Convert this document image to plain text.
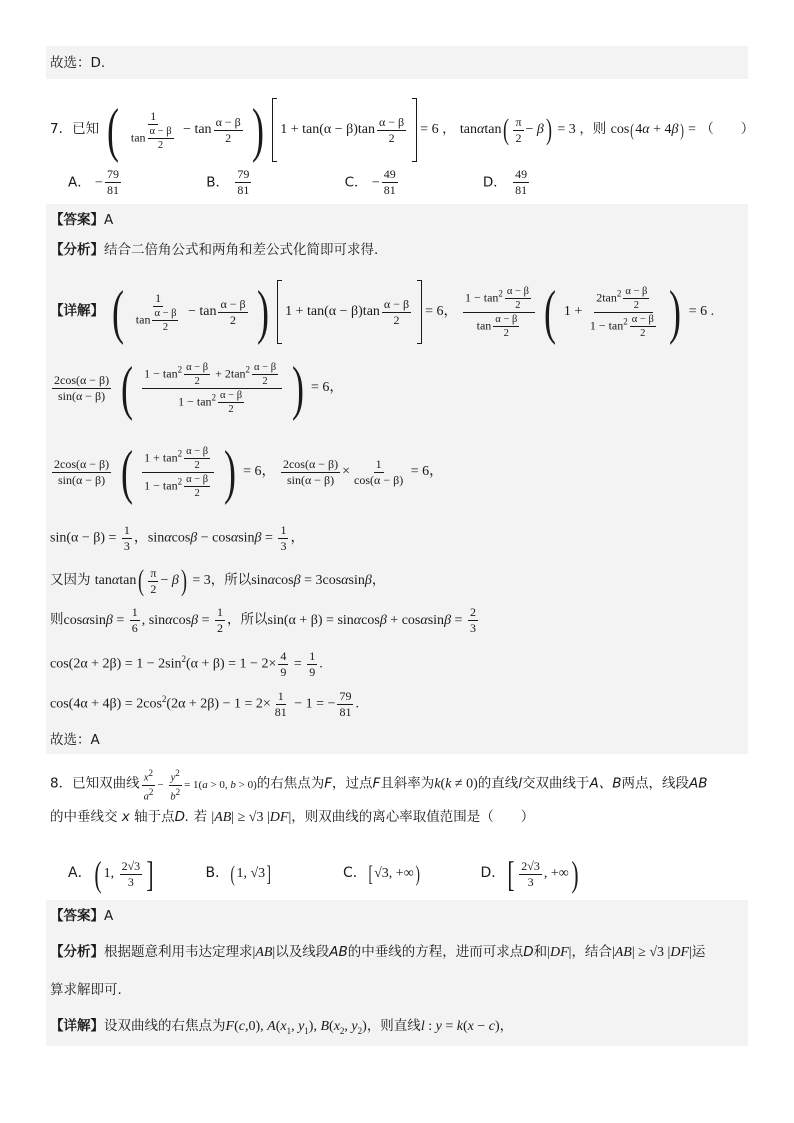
故选：D.
7．已知 ( $\frac{1}{\tan \frac{\alpha - \beta}{2}} - \tan \frac{\alpha - \beta}{2}$ )  $1 + \tan(\alpha - \beta)\tan \frac{\alpha - \beta}{2} = 6$ ， $\tan\alpha\tan( \frac{\pi}{2} - \beta) = 3$ ，则 cos(4α + 4β) = （　　）
A． − $\frac{79}{81}$	B． $\frac{79}{81}$	C． − $\frac{49}{81}$	D． $\frac{49}{81}$
【答案】A
【分析】结合二倍角公式和两角和差公式化简即可求得.
【详解】 ( $\frac{1}{\tan \frac{\alpha - \beta}{2}} - \tan \frac{\alpha - \beta}{2}$ )  $1 + \tan(\alpha - \beta)\tan \frac{\alpha - \beta}{2} = 6$， $\frac{1 - \tan^2 \frac{\alpha - \beta}{2}}{\tan \frac{\alpha - \beta}{2}}$ ( $1 + \frac{2\tan^2 \frac{\alpha - \beta}{2}}{1 - \tan^2 \frac{\alpha - \beta}{2}}$ ) = 6 .
$\frac{2\cos(\alpha - \beta)}{\sin(\alpha - \beta)}$ ( $\frac{1 - \tan^2 \frac{\alpha - \beta}{2} + 2\tan^2 \frac{\alpha - \beta}{2}}{1 - \tan^2 \frac{\alpha - \beta}{2}}$ ) = 6，
$\frac{2\cos(\alpha - \beta)}{\sin(\alpha - \beta)}$ ( $\frac{1 + \tan^2 \frac{\alpha - \beta}{2}}{1 - \tan^2 \frac{\alpha - \beta}{2}}$ ) = 6， $\frac{2\cos(\alpha - \beta)}{\sin(\alpha - \beta)} \times \frac{1}{\cos(\alpha - \beta)} = 6$，
$\sin(\alpha - \beta) = \frac{1}{3}$ ，$\sin\alpha\cos\beta - \cos\alpha\sin\beta = \frac{1}{3}$ ，
又因为 $\tan\alpha\tan( \frac{\pi}{2} - \beta) = 3$，所以sinαcosβ = 3cosαsinβ，
则$\cos\alpha\sin\beta = \frac{1}{6}$ , $\sin\alpha\cos\beta = \frac{1}{2}$ ，所以$\sin(\alpha + \beta) = \sin\alpha\cos\beta + \cos\alpha\sin\beta = \frac{2}{3}$
$\cos(2\alpha + 2\beta) = 1 - 2\sin^2(\alpha + \beta) = 1 - 2\times \frac{4}{9} = \frac{1}{9}$ .
$\cos(4\alpha + 4\beta) = 2\cos^2(2\alpha + 2\beta) - 1 = 2\times \frac{1}{81} - 1$ = − $\frac{79}{81}$ .
故选：A
8．已知双曲线 $\frac{x^2}{a^2} - \frac{y^2}{b^2} = 1(a > 0$, b > 0)的右焦点为F，过点F且斜率为k(k ≠ 0)的直线l交双曲线于A、B两点，线段AB
的中垂线交 x 轴于点D. 若 |AB| ≥ √3 |DF|，则双曲线的离心率取值范围是（　　）
A．( 1, $\frac{2√3}{3}$ ]	B．(1, √3]	C．[√3, +∞)	D．[ $\frac{2√3}{3}$ , +∞)
【答案】A
【分析】根据题意利用韦达定理求|AB|以及线段AB的中垂线的方程，进而可求点D和|DF|，结合|AB| ≥ √3 |DF|运
算求解即可.
【详解】设双曲线的右焦点为F(c,0), $A(x_1$, $y_1$), $B(x_2$, $y_2$)，则直线l : y = k(x − c)，
